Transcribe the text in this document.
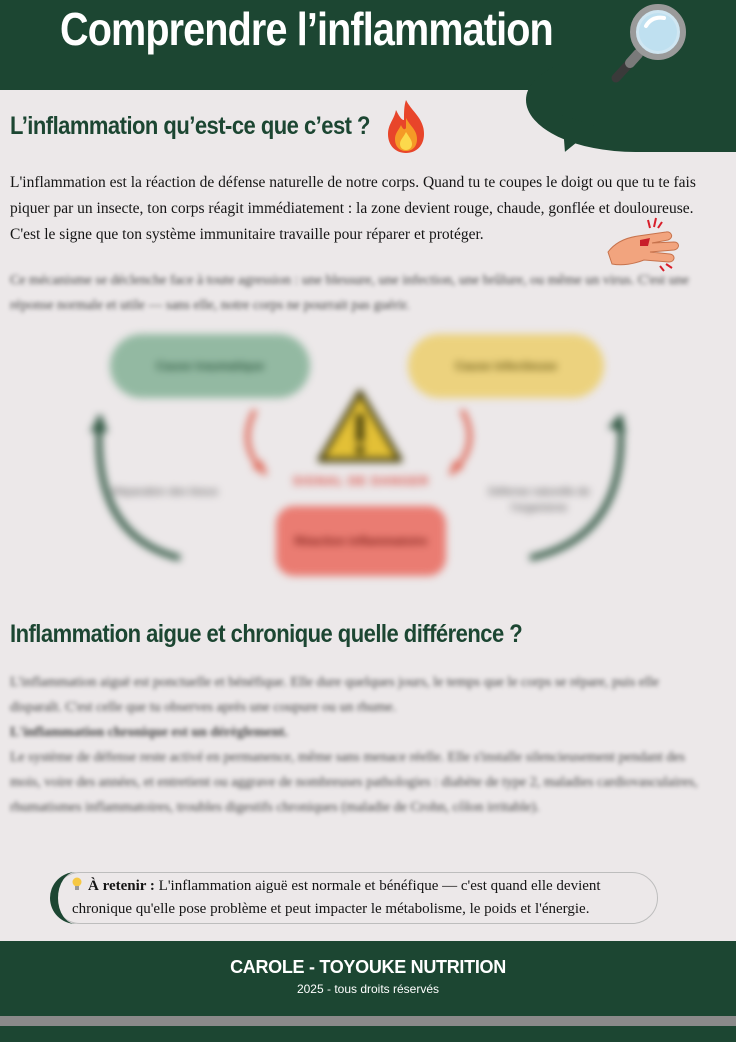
Comprendre l’inflammation
L’inflammation qu’est-ce que c’est ?

L'inflammation est la réaction de défense naturelle de notre corps. Quand tu te coupes le doigt ou que tu te fais piquer par un insecte, ton corps réagit immédiatement : la zone devient rouge, chaude, gonflée et douloureuse. C'est le signe que ton système immunitaire travaille pour réparer et protéger.

Ce mécanisme se déclenche face à toute agression : une blessure, une infection, une brûlure, ou même un virus. C'est une réponse normale et utile — sans elle, notre corps ne pourrait pas guérir.

Cause traumatique	Cause infectieuse
SIGNAL DE DANGER
Réaction inflammatoire
Réparation des tissus	Défense naturelle de l'organisme
Inflammation aigue et chronique quelle différence ?

L'inflammation aiguë est ponctuelle et bénéfique. Elle dure quelques jours, le temps que le corps se répare, puis elle disparaît. C'est celle que tu observes après une coupure ou un rhume.

L'inflammation chronique est un dérèglement.

Le système de défense reste activé en permanence, même sans menace réelle. Elle s'installe silencieusement pendant des mois, voire des années, et entretient ou aggrave de nombreuses pathologies : diabète de type 2, maladies cardiovasculaires, rhumatismes inflammatoires, troubles digestifs chroniques (maladie de Crohn, côlon irritable).

À retenir : L'inflammation aiguë est normale et bénéfique — c'est quand elle devient chronique qu'elle pose problème et peut impacter le métabolisme, le poids et l'énergie.
CAROLE - TOYOUKE NUTRITION
2025 - tous droits réservés
